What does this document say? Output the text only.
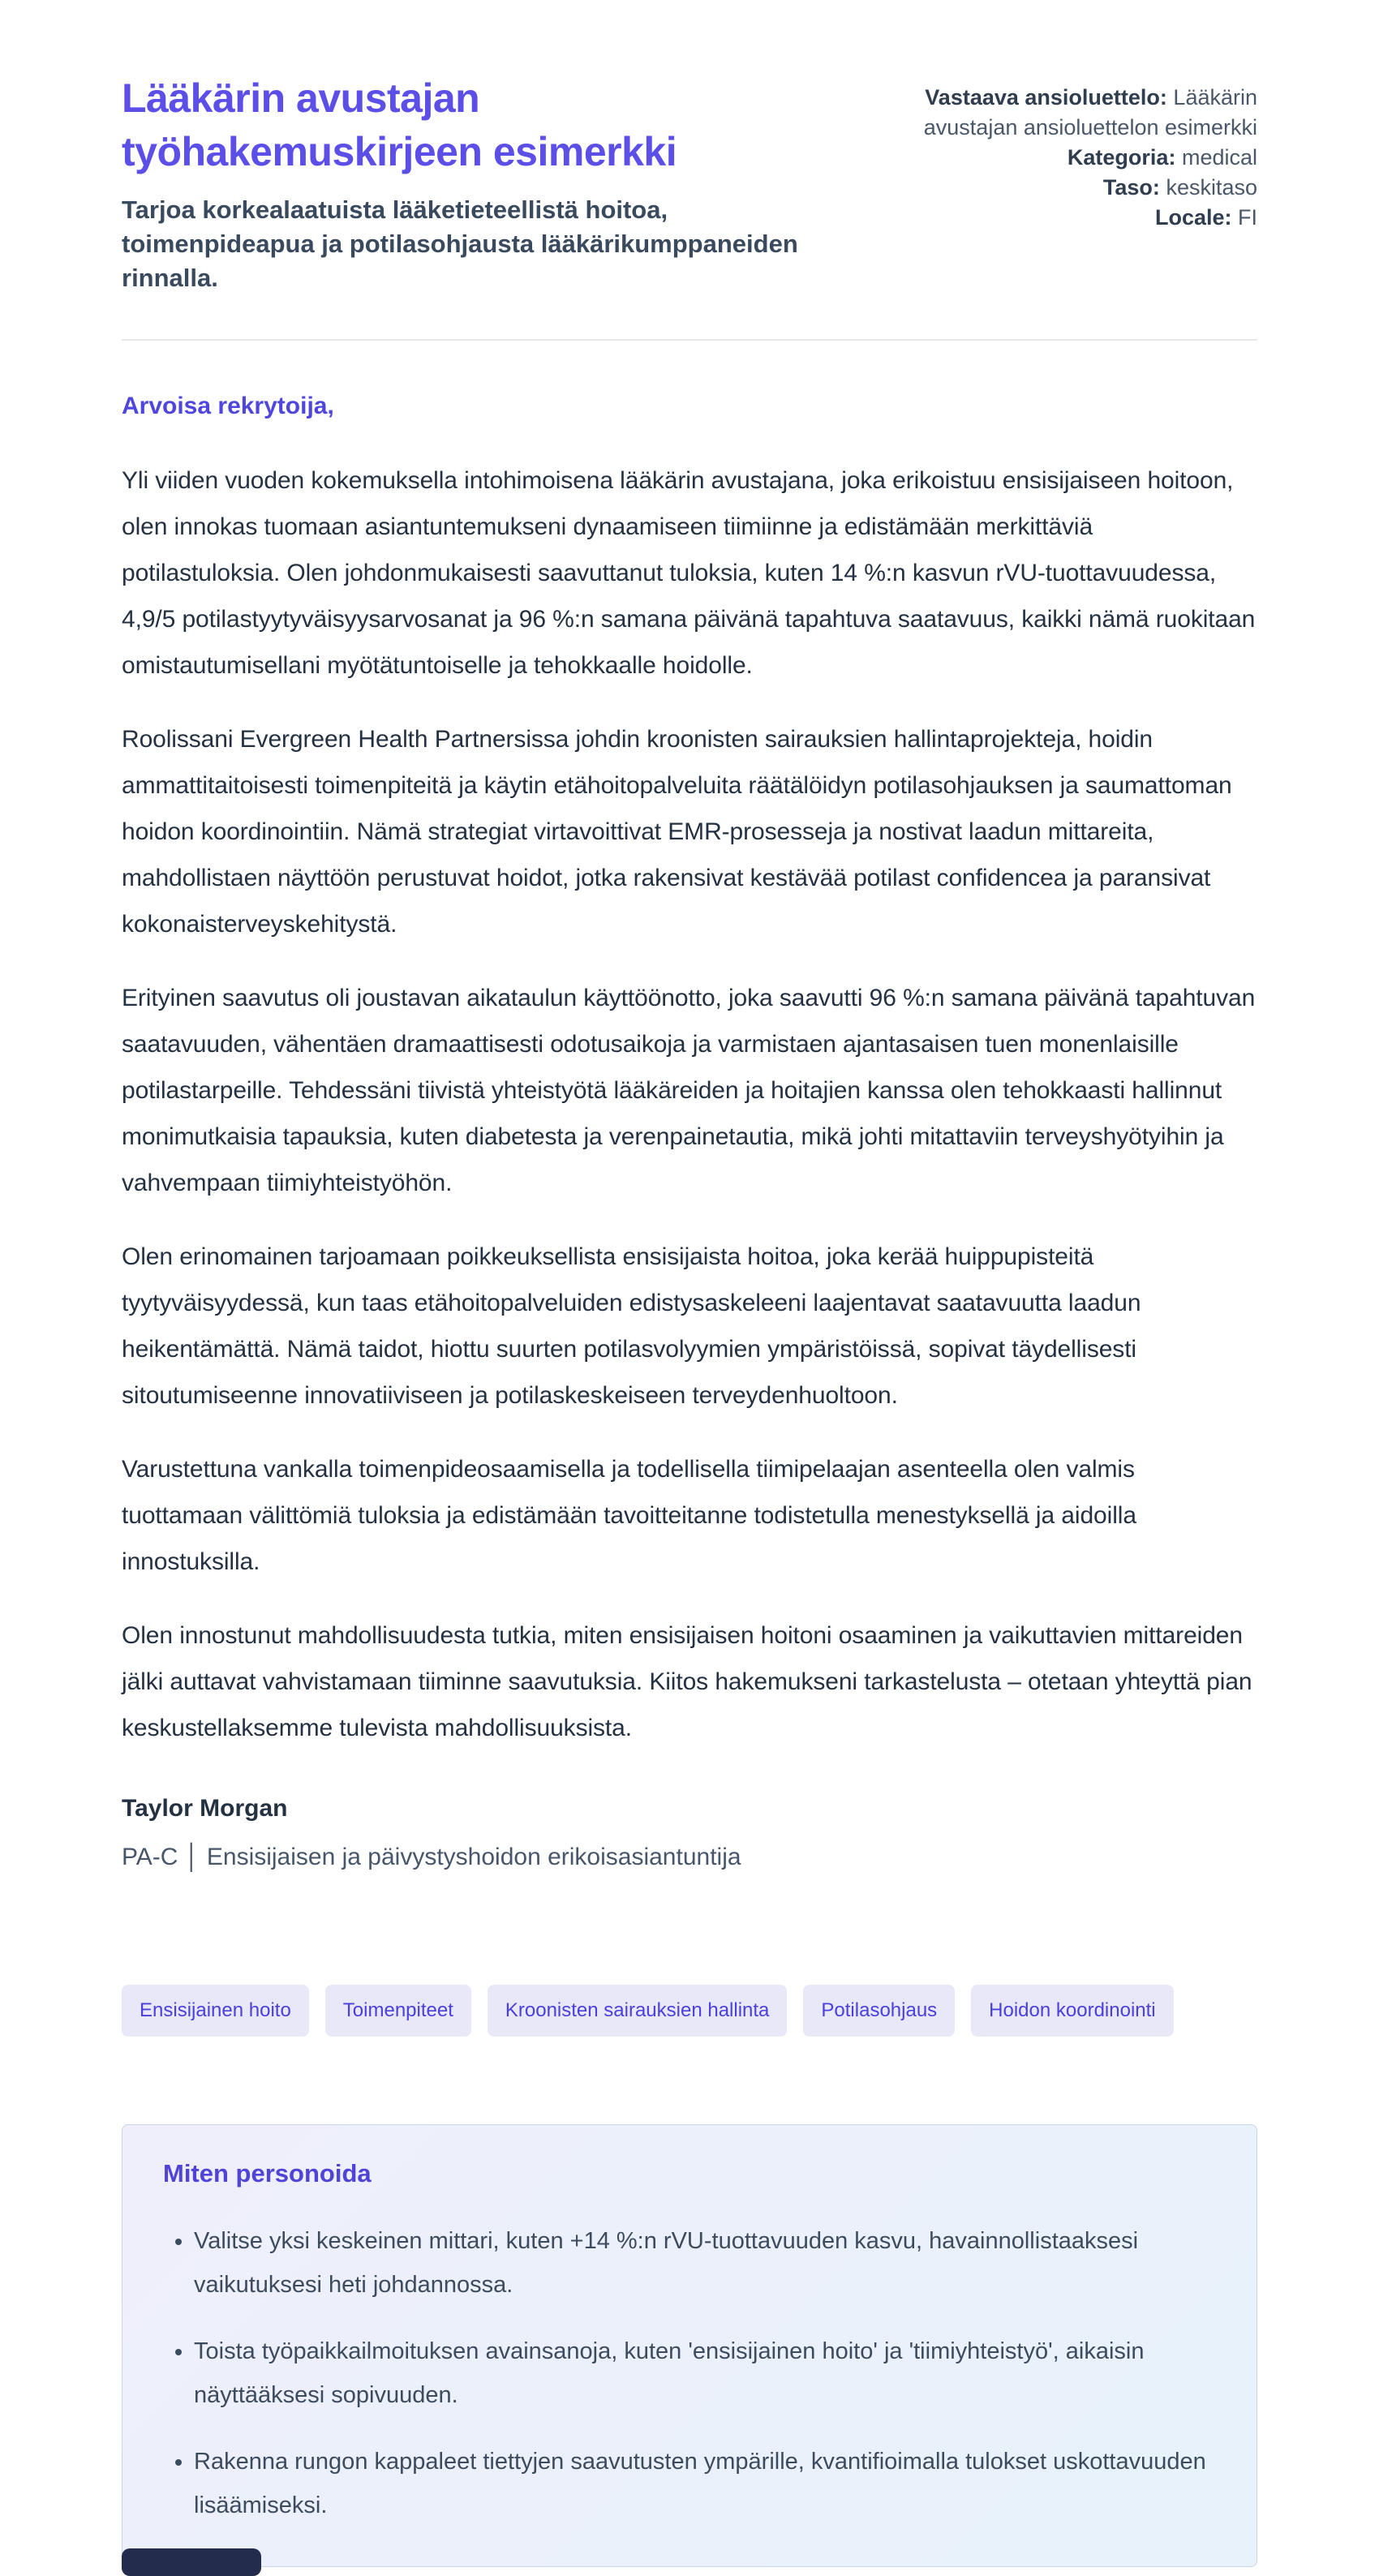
Lääkärin avustajan työhakemuskirjeen esimerkki
Tarjoa korkealaatuista lääketieteellistä hoitoa, toimenpideapua ja potilasohjausta lääkärikumppaneiden rinnalla.
Vastaava ansioluettelo: Lääkärin avustajan ansioluettelon esimerkki
Kategoria: medical
Taso: keskitaso
Locale: FI
Arvoisa rekrytoija,

Yli viiden vuoden kokemuksella intohimoisena lääkärin avustajana, joka erikoistuu ensisijaiseen hoitoon, olen innokas tuomaan asiantuntemukseni dynaamiseen tiimiinne ja edistämään merkittäviä potilastuloksia. Olen johdonmukaisesti saavuttanut tuloksia, kuten 14 %:n kasvun rVU-tuottavuudessa, 4,9/5 potilastyytyväisyysarvosanat ja 96 %:n samana päivänä tapahtuva saatavuus, kaikki nämä ruokitaan omistautumisellani myötätuntoiselle ja tehokkaalle hoidolle.

Roolissani Evergreen Health Partnersissa johdin kroonisten sairauksien hallintaprojekteja, hoidin ammattitaitoisesti toimenpiteitä ja käytin etähoitopalveluita räätälöidyn potilasohjauksen ja saumattoman hoidon koordinointiin. Nämä strategiat virtavoittivat EMR-prosesseja ja nostivat laadun mittareita, mahdollistaen näyttöön perustuvat hoidot, jotka rakensivat kestävää potilast confidencea ja paransivat kokonaisterveyskehitystä.

Erityinen saavutus oli joustavan aikataulun käyttöönotto, joka saavutti 96 %:n samana päivänä tapahtuvan saatavuuden, vähentäen dramaattisesti odotusaikoja ja varmistaen ajantasaisen tuen monenlaisille potilastarpeille. Tehdessäni tiivistä yhteistyötä lääkäreiden ja hoitajien kanssa olen tehokkaasti hallinnut monimutkaisia tapauksia, kuten diabetesta ja verenpainetautia, mikä johti mitattaviin terveyshyötyihin ja vahvempaan tiimiyhteistyöhön.

Olen erinomainen tarjoamaan poikkeuksellista ensisijaista hoitoa, joka kerää huippupisteitä tyytyväisyydessä, kun taas etähoitopalveluiden edistysaskeleeni laajentavat saatavuutta laadun heikentämättä. Nämä taidot, hiottu suurten potilasvolyymien ympäristöissä, sopivat täydellisesti sitoutumiseenne innovatiiviseen ja potilaskeskeiseen terveydenhuoltoon.

Varustettuna vankalla toimenpideosaamisella ja todellisella tiimipelaajan asenteella olen valmis tuottamaan välittömiä tuloksia ja edistämään tavoitteitanne todistetulla menestyksellä ja aidoilla innostuksilla.

Olen innostunut mahdollisuudesta tutkia, miten ensisijaisen hoitoni osaaminen ja vaikuttavien mittareiden jälki auttavat vahvistamaan tiiminne saavutuksia. Kiitos hakemukseni tarkastelusta – otetaan yhteyttä pian keskustellaksemme tulevista mahdollisuuksista.

Taylor Morgan
PA-C │ Ensisijaisen ja päivystyshoidon erikoisasiantuntija
Ensisijainen hoito	Toimenpiteet	Kroonisten sairauksien hallinta	Potilasohjaus	Hoidon koordinointi
Miten personoida
• Valitse yksi keskeinen mittari, kuten +14 %:n rVU-tuottavuuden kasvu, havainnollistaaksesi vaikutuksesi heti johdannossa.
• Toista työpaikkailmoituksen avainsanoja, kuten 'ensisijainen hoito' ja 'tiimiyhteistyö', aikaisin näyttääksesi sopivuuden.
• Rakenna rungon kappaleet tiettyjen saavutusten ympärille, kvantifioimalla tulokset uskottavuuden lisäämiseksi.
